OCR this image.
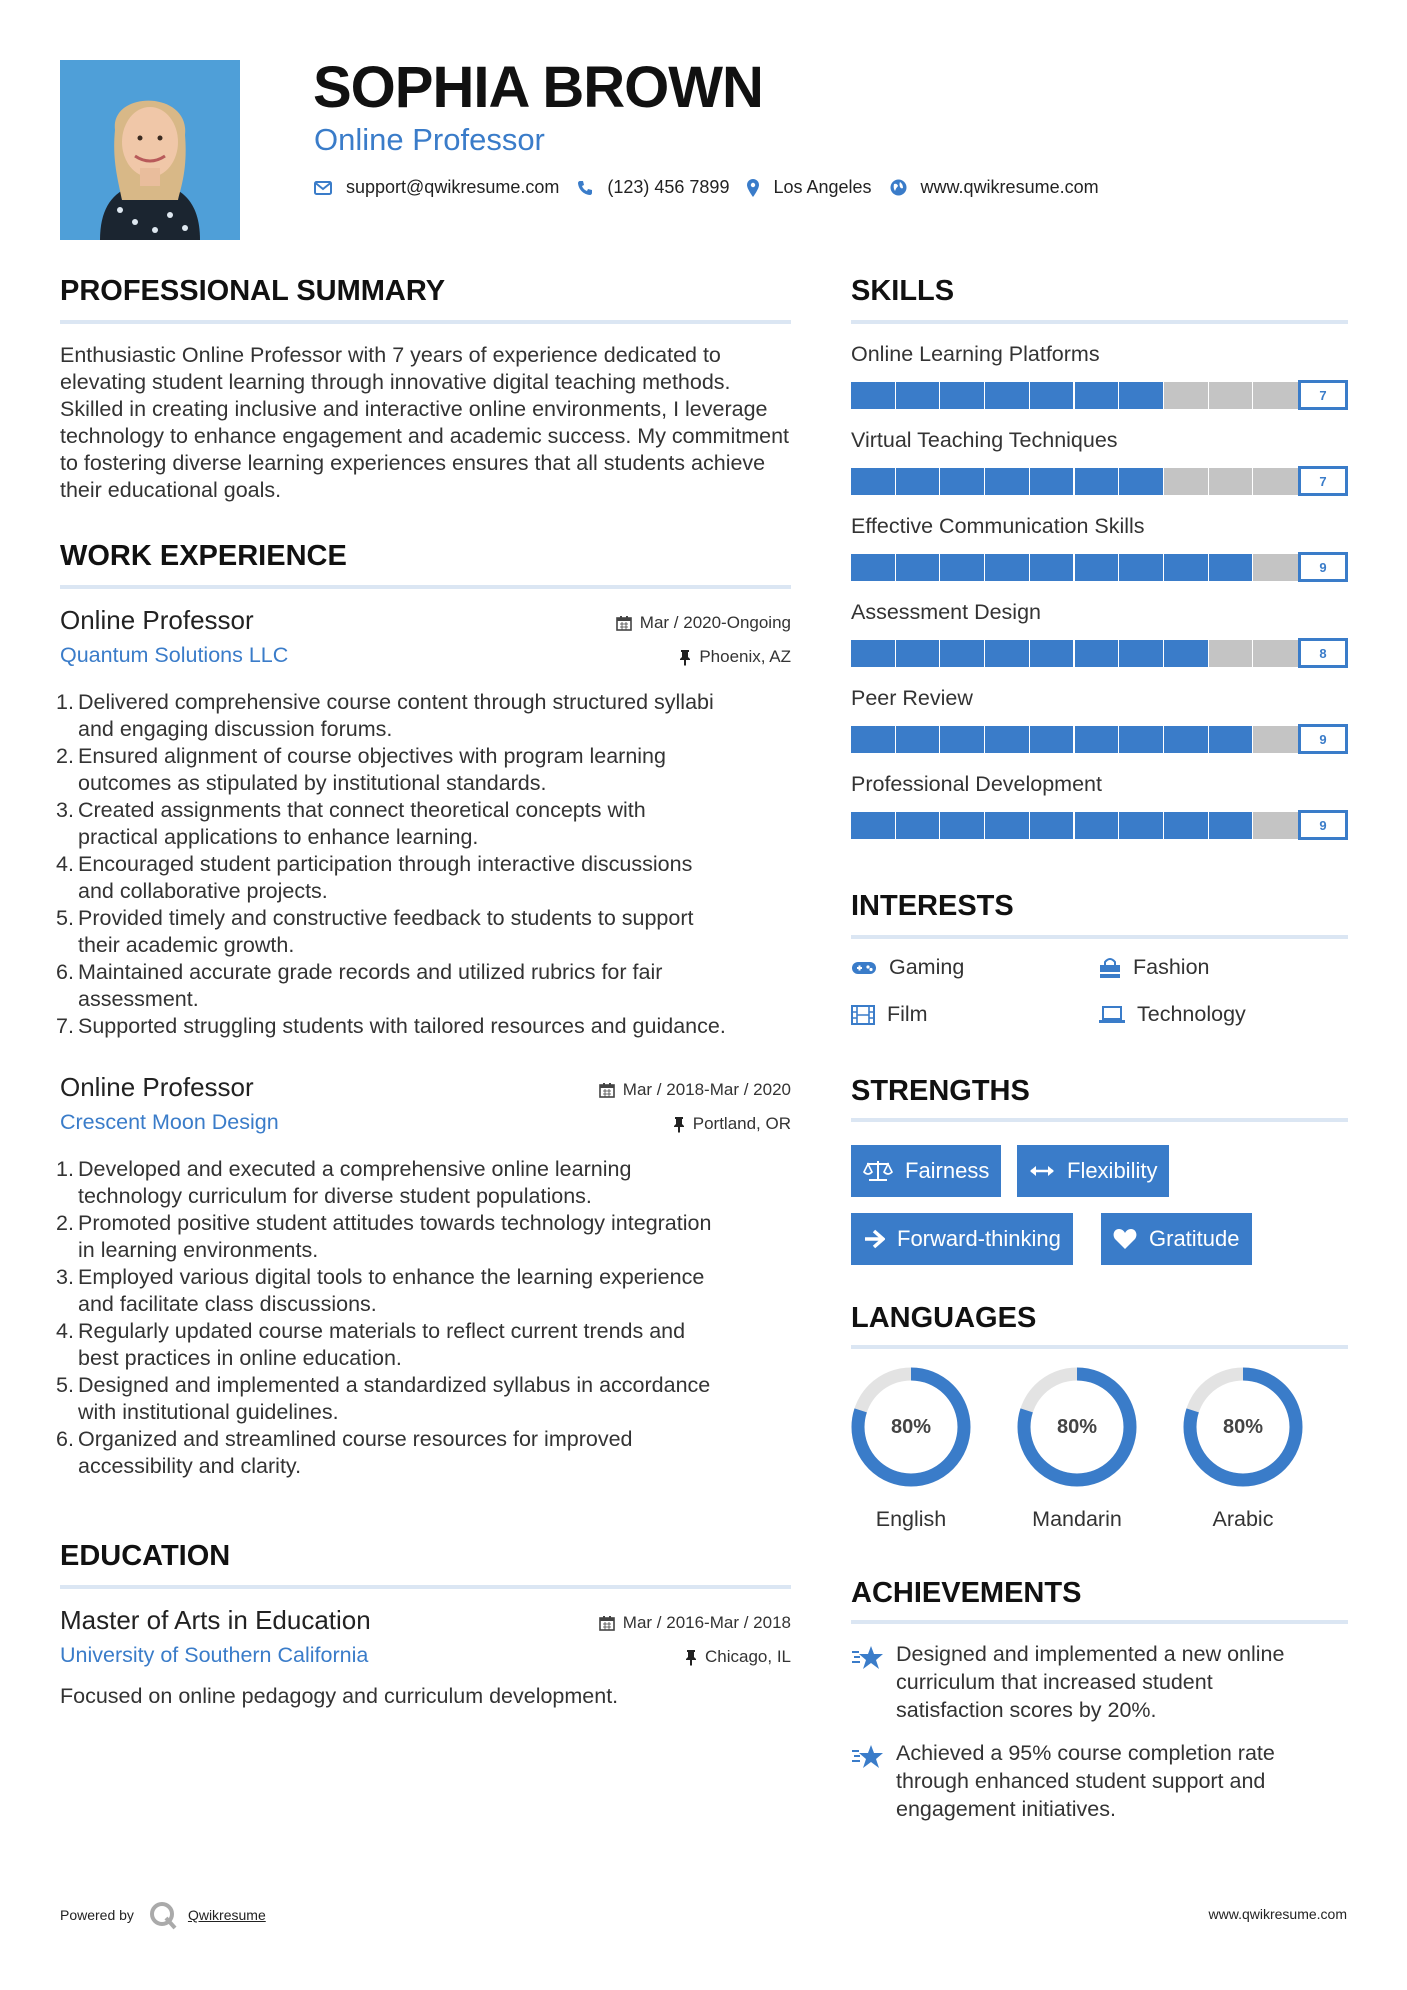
SOPHIA BROWN
Online Professor
support@qwikresume.com	(123) 456 7899 Los Angeles	www.qwikresume.com
PROFESSIONAL SUMMARY
Enthusiastic Online Professor with 7 years of experience dedicated to elevating student learning through innovative digital teaching methods. Skilled in creating inclusive and interactive online environments, I leverage technology to enhance engagement and academic success. My commitment to fostering diverse learning experiences ensures that all students achieve their educational goals.
WORK EXPERIENCE
Online Professor
Quantum Solutions LLC
Mar / 2020-Ongoing
Phoenix, AZ
1. Delivered comprehensive course content through structured syllabi
and engaging discussion forums.
2. Ensured alignment of course objectives with program learning
outcomes as stipulated by institutional standards.
3. Created assignments that connect theoretical concepts with
practical applications to enhance learning.
4. Encouraged student participation through interactive discussions
and collaborative projects.
5. Provided timely and constructive feedback to students to support
their academic growth.
6. Maintained accurate grade records and utilized rubrics for fair
assessment.
7. Supported struggling students with tailored resources and guidance.
Online Professor
Crescent Moon Design
Mar / 2018-Mar / 2020
Portland, OR
1. Developed and executed a comprehensive online learning
technology curriculum for diverse student populations.
2. Promoted positive student attitudes towards technology integration
in learning environments.
3. Employed various digital tools to enhance the learning experience
and facilitate class discussions.
4. Regularly updated course materials to reflect current trends and
best practices in online education.
5. Designed and implemented a standardized syllabus in accordance
with institutional guidelines.
6. Organized and streamlined course resources for improved
accessibility and clarity.
EDUCATION
Master of Arts in Education
University of Southern California
Mar / 2016-Mar / 2018
Chicago, IL
Focused on online pedagogy and curriculum development.
SKILLS
Online Learning Platforms
7
Virtual Teaching Techniques
7
Effective Communication Skills
9
Assessment Design
8
Peer Review
9
Professional Development
9
INTERESTS
Gaming	Fashion
Film	Technology
STRENGTHS
Fairness	Flexibility
Forward-thinking	Gratitude
LANGUAGES
80%
English
80%
Mandarin
80%
Arabic
ACHIEVEMENTS
Designed and implemented a new online
curriculum that increased student
satisfaction scores by 20%.
Achieved a 95% course completion rate
through enhanced student support and
engagement initiatives.
Powered by	Qwikresume	www.qwikresume.com
